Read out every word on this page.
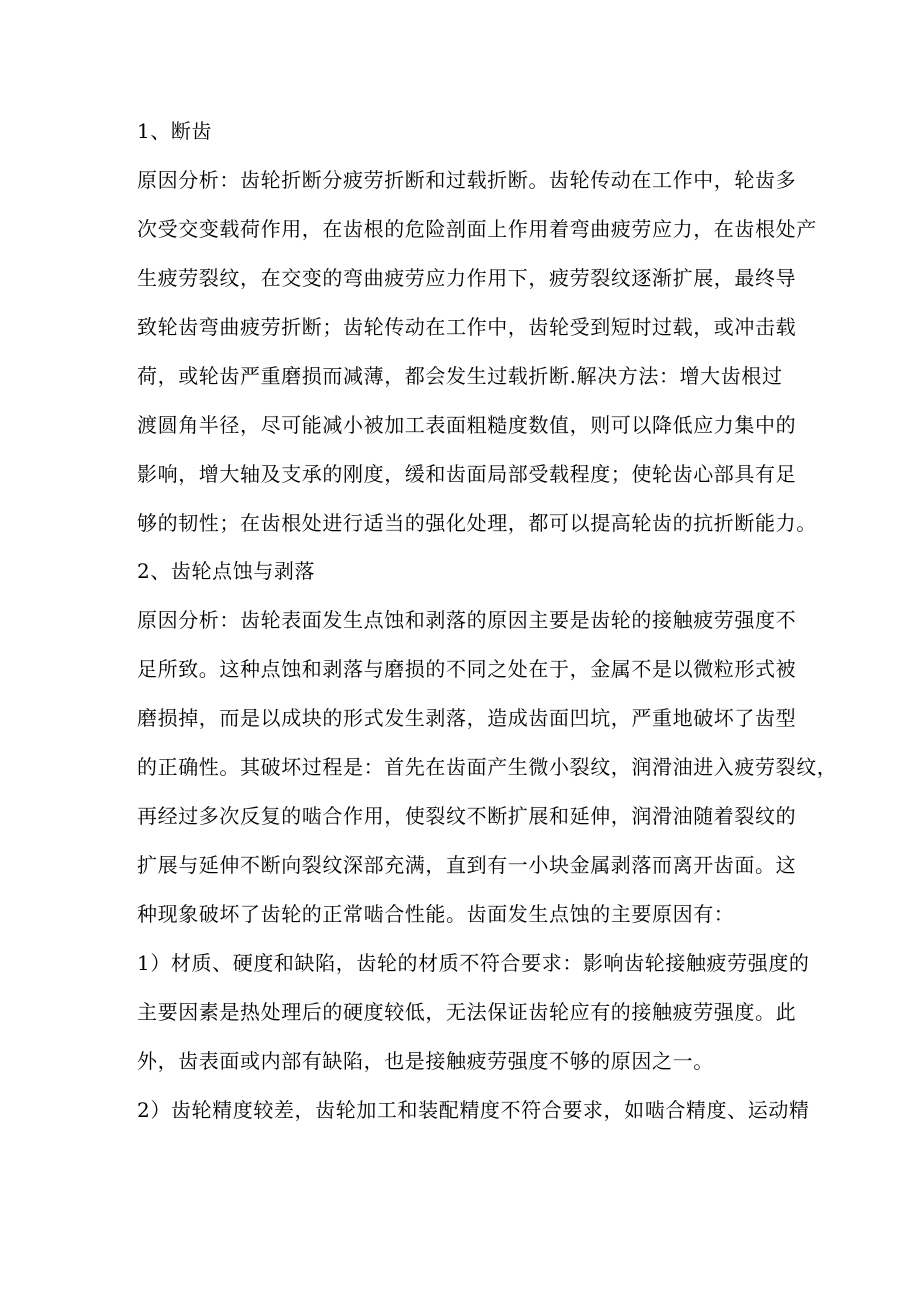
1、断齿
原因分析：齿轮折断分疲劳折断和过载折断。齿轮传动在工作中，轮齿多
次受交变载荷作用，在齿根的危险剖面上作用着弯曲疲劳应力，在齿根处产
生疲劳裂纹，在交变的弯曲疲劳应力作用下，疲劳裂纹逐渐扩展，最终导
致轮齿弯曲疲劳折断；齿轮传动在工作中，齿轮受到短时过载，或冲击载
荷，或轮齿严重磨损而减薄，都会发生过载折断.解决方法：增大齿根过
渡圆角半径，尽可能减小被加工表面粗糙度数值，则可以降低应力集中的
影响，增大轴及支承的刚度，缓和齿面局部受载程度；使轮齿心部具有足
够的韧性；在齿根处进行适当的强化处理，都可以提高轮齿的抗折断能力。
2、齿轮点蚀与剥落
原因分析：齿轮表面发生点蚀和剥落的原因主要是齿轮的接触疲劳强度不
足所致。这种点蚀和剥落与磨损的不同之处在于，金属不是以微粒形式被
磨损掉，而是以成块的形式发生剥落，造成齿面凹坑，严重地破坏了齿型
的正确性。其破坏过程是：首先在齿面产生微小裂纹，润滑油进入疲劳裂纹，
再经过多次反复的啮合作用，使裂纹不断扩展和延伸，润滑油随着裂纹的
扩展与延伸不断向裂纹深部充满，直到有一小块金属剥落而离开齿面。这
种现象破坏了齿轮的正常啮合性能。齿面发生点蚀的主要原因有：
1）材质、硬度和缺陷，齿轮的材质不符合要求：影响齿轮接触疲劳强度的
主要因素是热处理后的硬度较低，无法保证齿轮应有的接触疲劳强度。此
外，齿表面或内部有缺陷，也是接触疲劳强度不够的原因之一。
2）齿轮精度较差，齿轮加工和装配精度不符合要求，如啮合精度、运动精
